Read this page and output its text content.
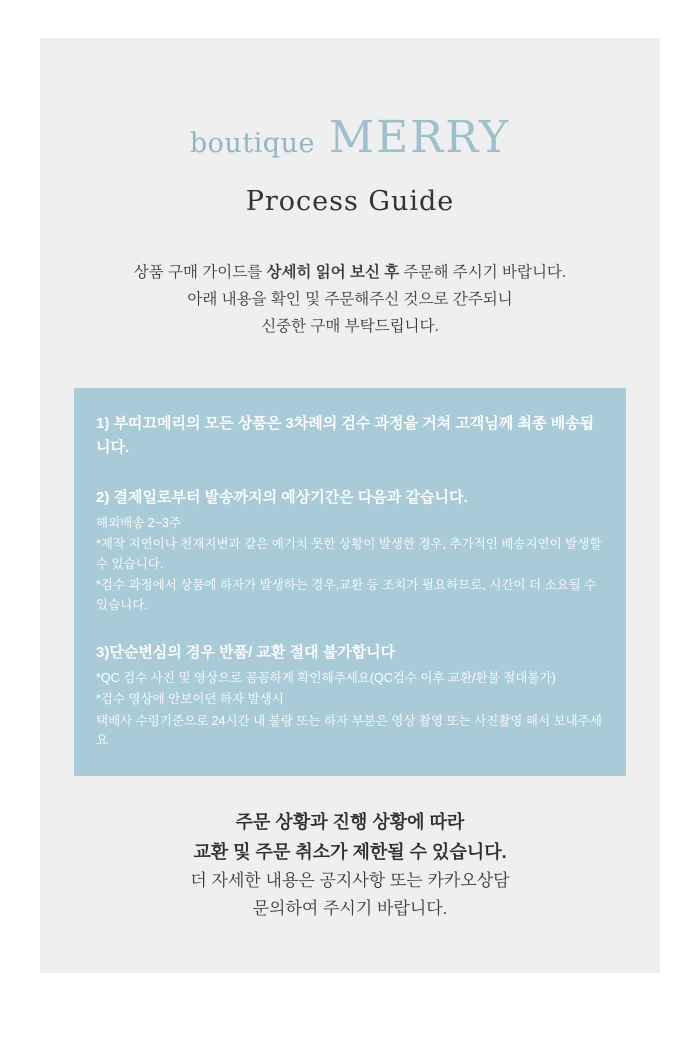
boutique MERRY
Process Guide
상품 구매 가이드를 상세히 읽어 보신 후 주문해 주시기 바랍니다.
아래 내용을 확인 및 주문해주신 것으로 간주되니
신중한 구매 부탁드립니다.

1) 부띠끄메리의 모든 상품은 3차례의 검수 과정을 거쳐 고객님께 최종 배송됩니다.

2) 결제일로부터 발송까지의 예상기간은 다음과 같습니다.

해외배송 2~3주

*제작 지연이나 천재지변과 같은 예기치 못한 상황이 발생한 경우, 추가적인 배송지연이 발생할 수 있습니다.

*검수 과정에서 상품에 하자가 발생하는 경우,교환 등 조치가 필요하므로, 시간이 더 소요될 수 있습니다.

3)단순변심의 경우 반품/ 교환 절대 불가합니다

*QC 검수 사진 및 영상으로 꼼꼼하게 확인해주세요(QC검수 이후 교환/환불 절대불가)

*검수 영상에 안보이던 하자 발생시

택배사 수령기준으로 24시간 내 불량 또는 하자 부분은 영상 촬영 또는 사진촬영 해서 보내주세요

주문 상황과 진행 상황에 따라
교환 및 주문 취소가 제한될 수 있습니다.
더 자세한 내용은 공지사항 또는 카카오상담
문의하여 주시기 바랍니다.
